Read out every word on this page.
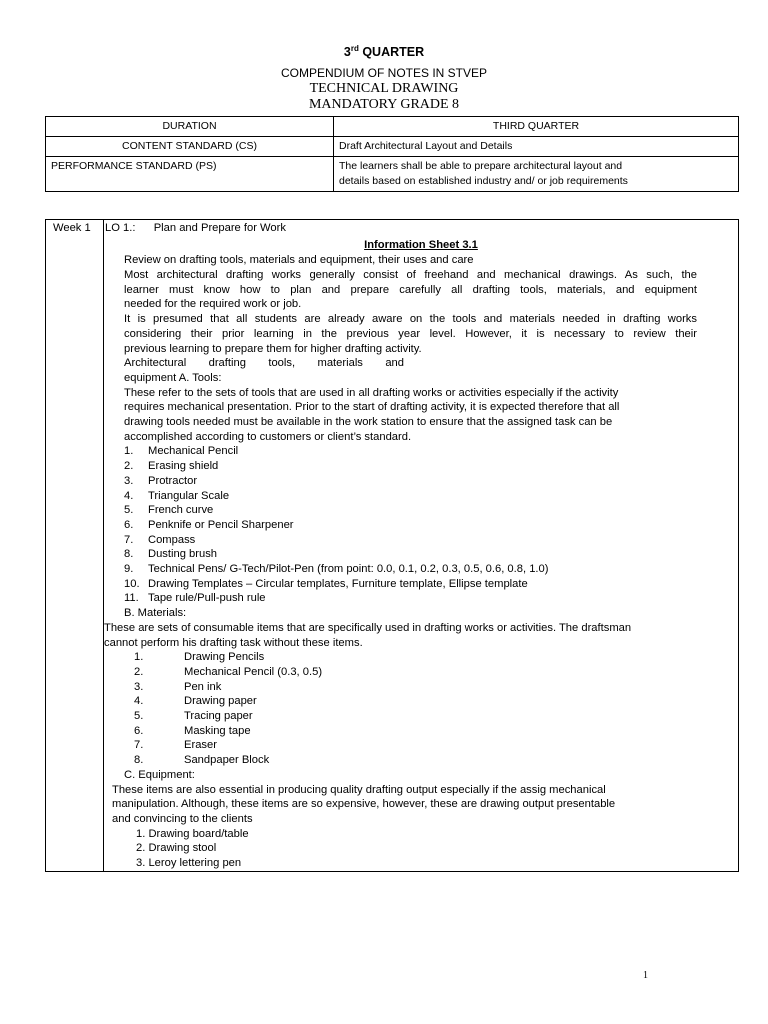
3rd QUARTER
COMPENDIUM OF NOTES IN STVEP
TECHNICAL DRAWING
MANDATORY GRADE 8
DURATION	THIRD QUARTER
CONTENT STANDARD (CS)	Draft Architectural Layout and Details
PERFORMANCE STANDARD (PS)	The learners shall be able to prepare architectural layout and
details based on established industry and/ or job requirements
Week 1 LO 1.: Plan and Prepare for Work
Information Sheet 3.1
Review on drafting tools, materials and equipment, their uses and care
Most architectural drafting works generally consist of freehand and mechanical drawings. As such, the
learner must know how to plan and prepare carefully all drafting tools, materials, and equipment
needed for the required work or job.
It is presumed that all students are already aware on the tools and materials needed in drafting works
considering their prior learning in the previous year level. However, it is necessary to review their
previous learning to prepare them for higher drafting activity.
Architectural drafting tools, materials and
equipment A. Tools:
These refer to the sets of tools that are used in all drafting works or activities especially if the activity
requires mechanical presentation. Prior to the start of drafting activity, it is expected therefore that all
drawing tools needed must be available in the work station to ensure that the assigned task can be
accomplished according to customers or client’s standard.
1. Mechanical Pencil
2. Erasing shield
3. Protractor
4. Triangular Scale
5. French curve
6. Penknife or Pencil Sharpener
7. Compass
8. Dusting brush
9. Technical Pens/ G-Tech/Pilot-Pen (from point: 0.0, 0.1, 0.2, 0.3, 0.5, 0.6, 0.8, 1.0)
10. Drawing Templates – Circular templates, Furniture template, Ellipse template
11. Tape rule/Pull-push rule
B. Materials:
These are sets of consumable items that are specifically used in drafting works or activities. The draftsman
cannot perform his drafting task without these items.
1.	Drawing Pencils
2.	Mechanical Pencil (0.3, 0.5)
3.	Pen ink
4.	Drawing paper
5.	Tracing paper
6.	Masking tape
7.	Eraser
8.	Sandpaper Block
C. Equipment:
These items are also essential in producing quality drafting output especially if the assig mechanical
manipulation. Although, these items are so expensive, however, these are drawing output presentable
and convincing to the clients
1. Drawing board/table
2. Drawing stool
3. Leroy lettering pen
1
